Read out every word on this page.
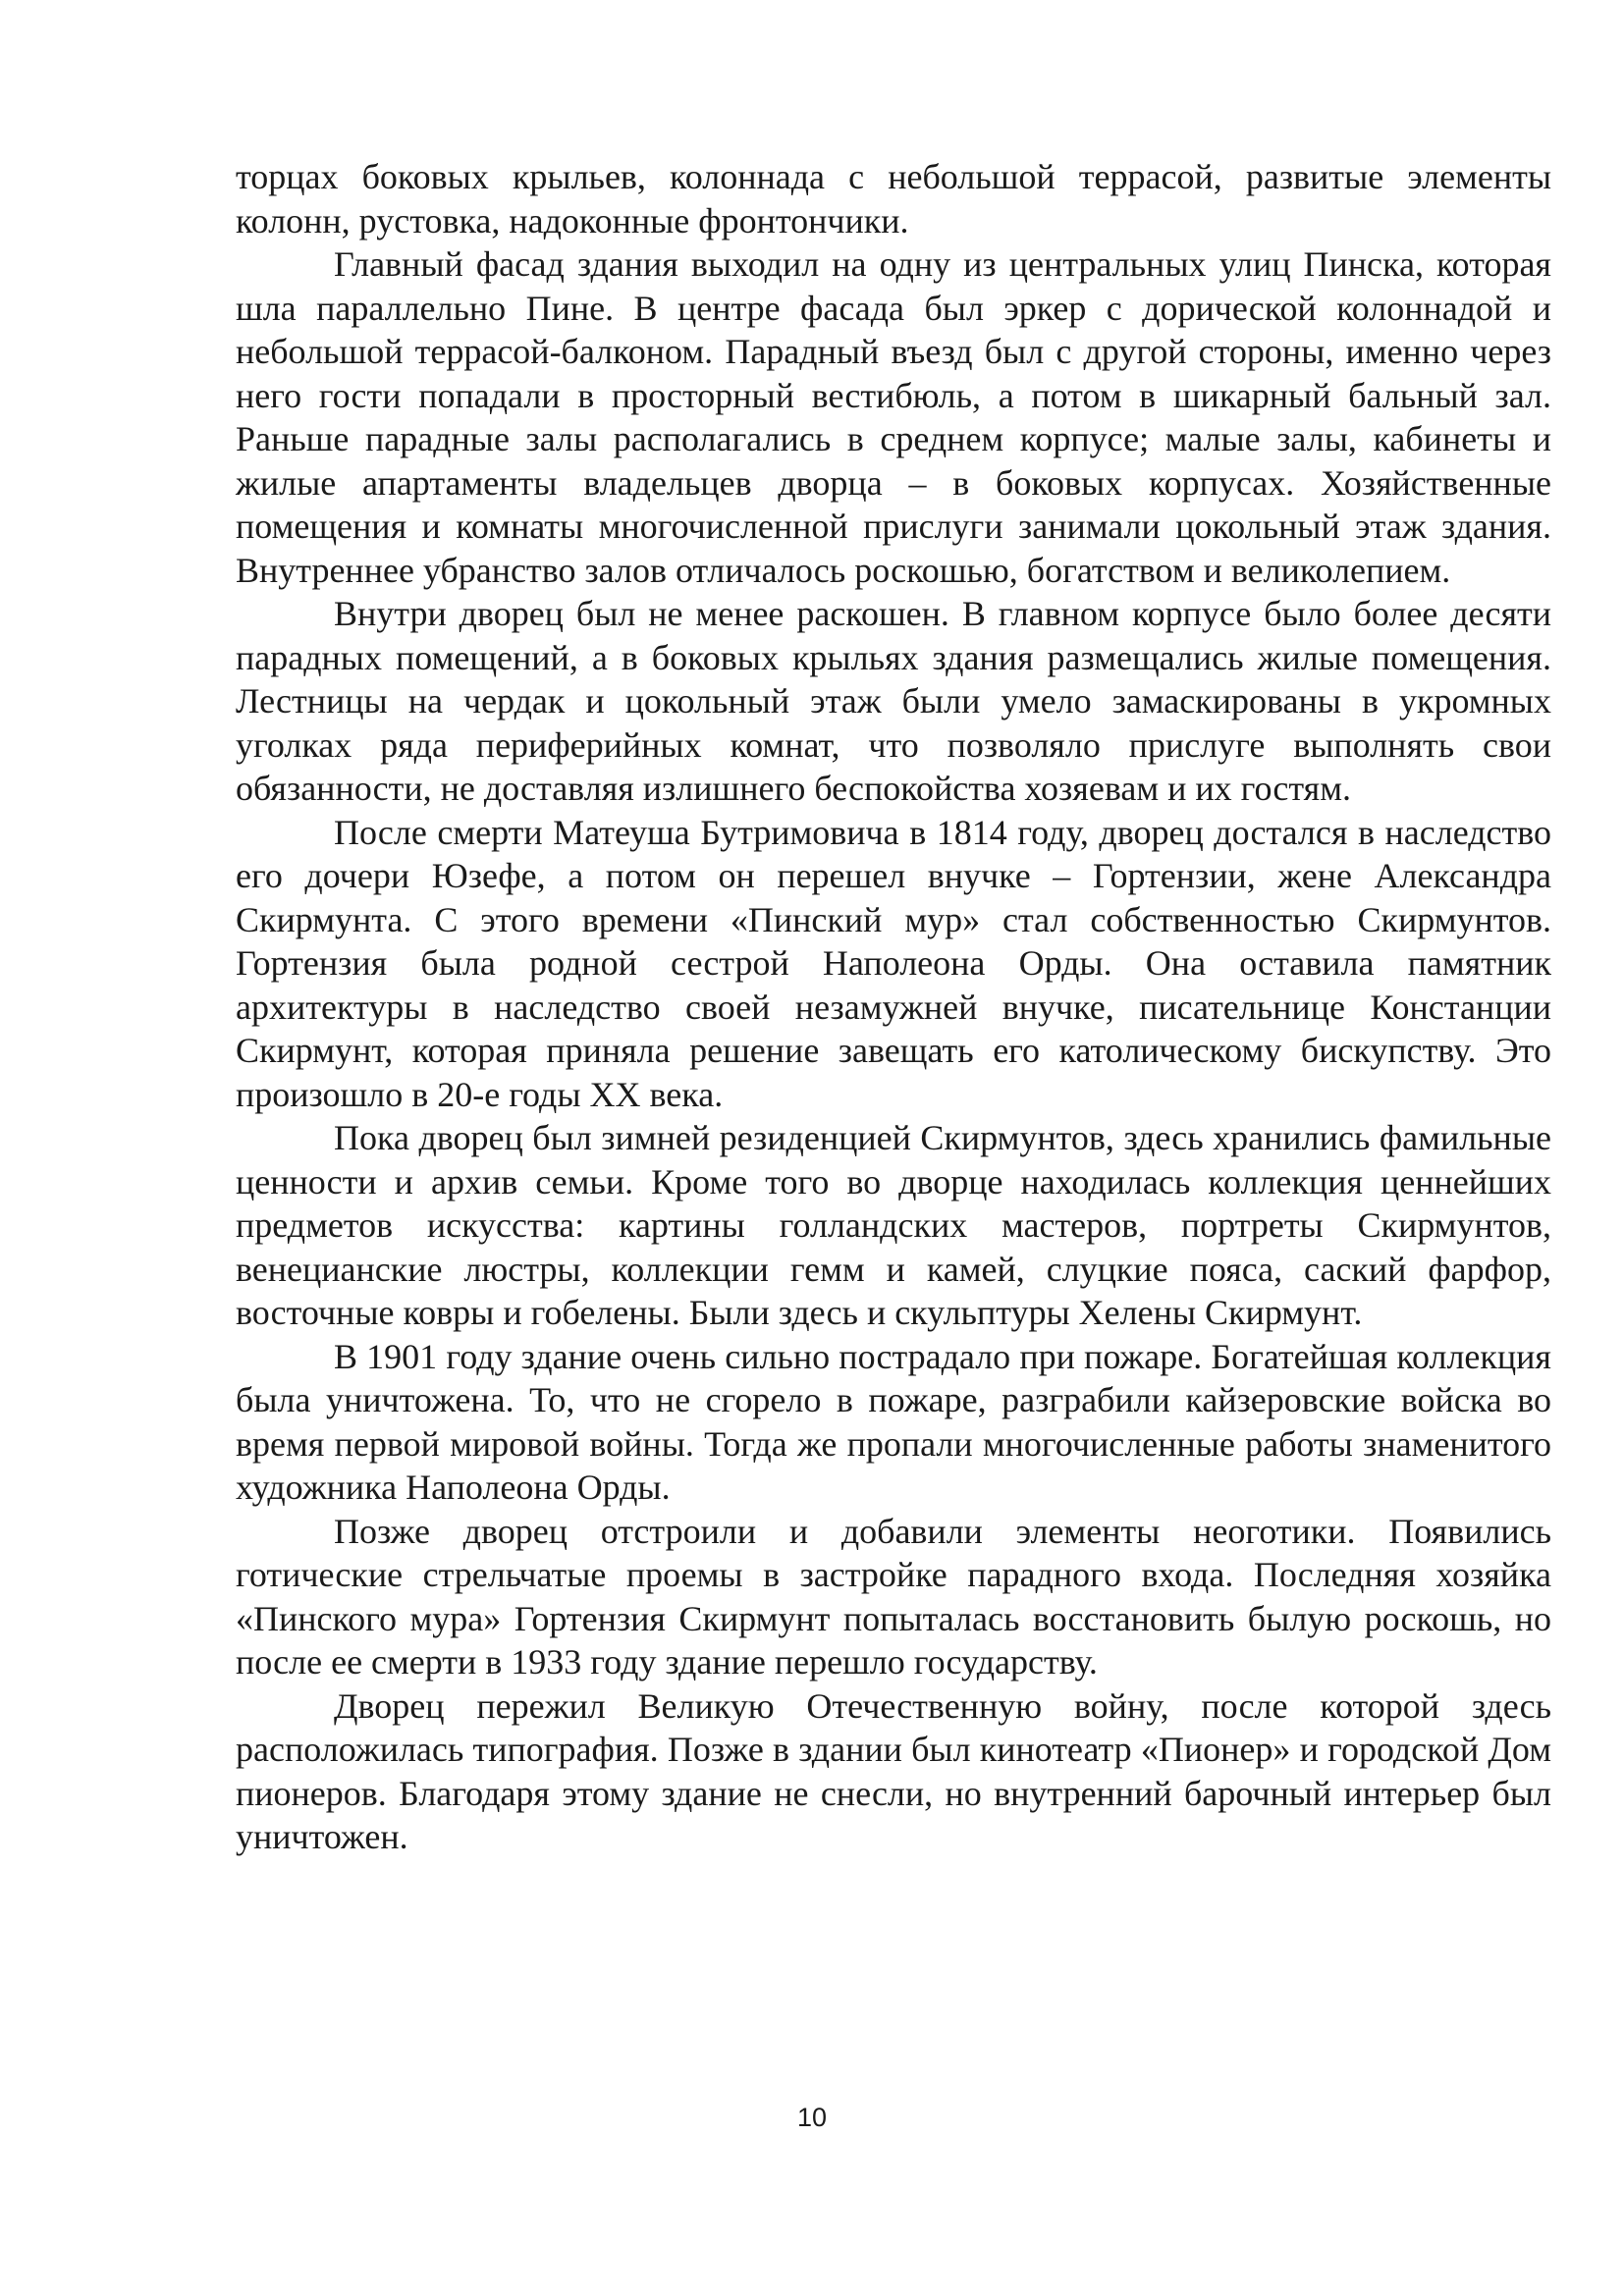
торцах боковых крыльев, колоннада с небольшой террасой, развитые элементы колонн, рустовка, надоконные фронтончики.

Главный фасад здания выходил на одну из центральных улиц Пинска, которая шла параллельно Пине. В центре фасада был эркер с дорической колоннадой и небольшой террасой-балконом. Парадный въезд был с другой стороны, именно через него гости попадали в просторный вестибюль, а потом в шикарный бальный зал. Раньше парадные залы располагались в среднем корпусе; малые залы, кабинеты и жилые апартаменты владельцев дворца – в боковых корпусах. Хозяйственные помещения и комнаты многочисленной прислуги занимали цокольный этаж здания. Внутреннее убранство залов отличалось роскошью, богатством и великолепием.

Внутри дворец был не менее раскошен. В главном корпусе было более десяти парадных помещений, а в боковых крыльях здания размещались жилые помещения. Лестницы на чердак и цокольный этаж были умело замаскированы в укромных уголках ряда периферийных комнат, что позволяло прислуге выполнять свои обязанности, не доставляя излишнего беспокойства хозяевам и их гостям.

После смерти Матеуша Бутримовича в 1814 году, дворец достался в наследство его дочери Юзефе, а потом он перешел внучке – Гортензии, жене Александра Скирмунта. С этого времени «Пинский мур» стал собственностью Скирмунтов. Гортензия была родной сестрой Наполеона Орды. Она оставила памятник архитектуры в наследство своей незамужней внучке, писательнице Констанции Скирмунт, которая приняла решение завещать его католическому бискупству. Это произошло в 20-е годы XX века.

Пока дворец был зимней резиденцией Скирмунтов, здесь хранились фамильные ценности и архив семьи. Кроме того во дворце находилась коллекция ценнейших предметов искусства: картины голландских мастеров, портреты Скирмунтов, венецианские люстры, коллекции гемм и камей, слуцкие пояса, саский фарфор, восточные ковры и гобелены. Были здесь и скульптуры Хелены Скирмунт.

В 1901 году здание очень сильно пострадало при пожаре. Богатейшая коллекция была уничтожена. То, что не сгорело в пожаре, разграбили кайзеровские войска во время первой мировой войны. Тогда же пропали многочисленные работы знаменитого художника Наполеона Орды.

Позже дворец отстроили и добавили элементы неоготики. Появились готические стрельчатые проемы в застройке парадного входа. Последняя хозяйка «Пинского мура» Гортензия Скирмунт попыталась восстановить былую роскошь, но после ее смерти в 1933 году здание перешло государству.

Дворец пережил Великую Отечественную войну, после которой здесь расположилась типография. Позже в здании был кинотеатр «Пионер» и городской Дом пионеров. Благодаря этому здание не снесли, но внутренний барочный интерьер был уничтожен.

10
